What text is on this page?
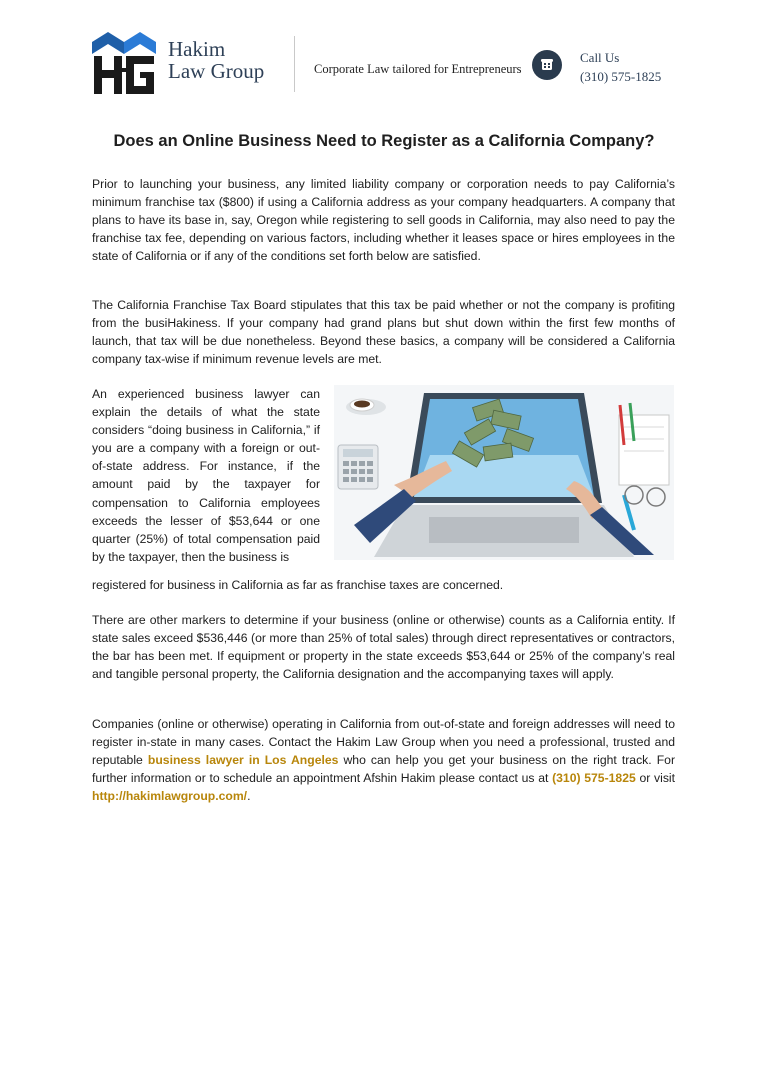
Hakim
Law Group	Corporate Law tailored for Entrepreneurs
Call Us
(310) 575-1825
Does an Online Business Need to Register as a California Company?
Prior to launching your business, any limited liability company or corporation needs to pay California’s minimum franchise tax ($800) if using a California address as your company headquarters. A company that plans to have its base in, say, Oregon while registering to sell goods in California, may also need to pay the franchise tax fee, depending on various factors, including whether it leases space or hires employees in the state of California or if any of the conditions set forth below are satisfied.
The California Franchise Tax Board stipulates that this tax be paid whether or not the company is profiting from the busiHakiness. If your company had grand plans but shut down within the first few months of launch, that tax will be due nonetheless. Beyond these basics, a company will be considered a California company tax-wise if minimum revenue levels are met.
An experienced business lawyer can explain the details of what the state considers “doing business in California,” if you are a company with a foreign or out-of-state address. For instance, if the amount paid by the taxpayer for compensation to California employees exceeds the lesser of $53,644 or one quarter (25%) of total compensation paid by the taxpayer, then the business is
registered for business in California as far as franchise taxes are concerned.
There are other markers to determine if your business (online or otherwise) counts as a California entity. If state sales exceed $536,446 (or more than 25% of total sales) through direct representatives or contractors, the bar has been met. If equipment or property in the state exceeds $53,644 or 25% of the company’s real and tangible personal property, the California designation and the accompanying taxes will apply.
Companies (online or otherwise) operating in California from out-of-state and foreign addresses will need to register in-state in many cases. Contact the Hakim Law Group when you need a professional, trusted and reputable business lawyer in Los Angeles who can help you get your business on the right track. For further information or to schedule an appointment Afshin Hakim please contact us at (310) 575-1825 or visit http://hakimlawgroup.com/.
